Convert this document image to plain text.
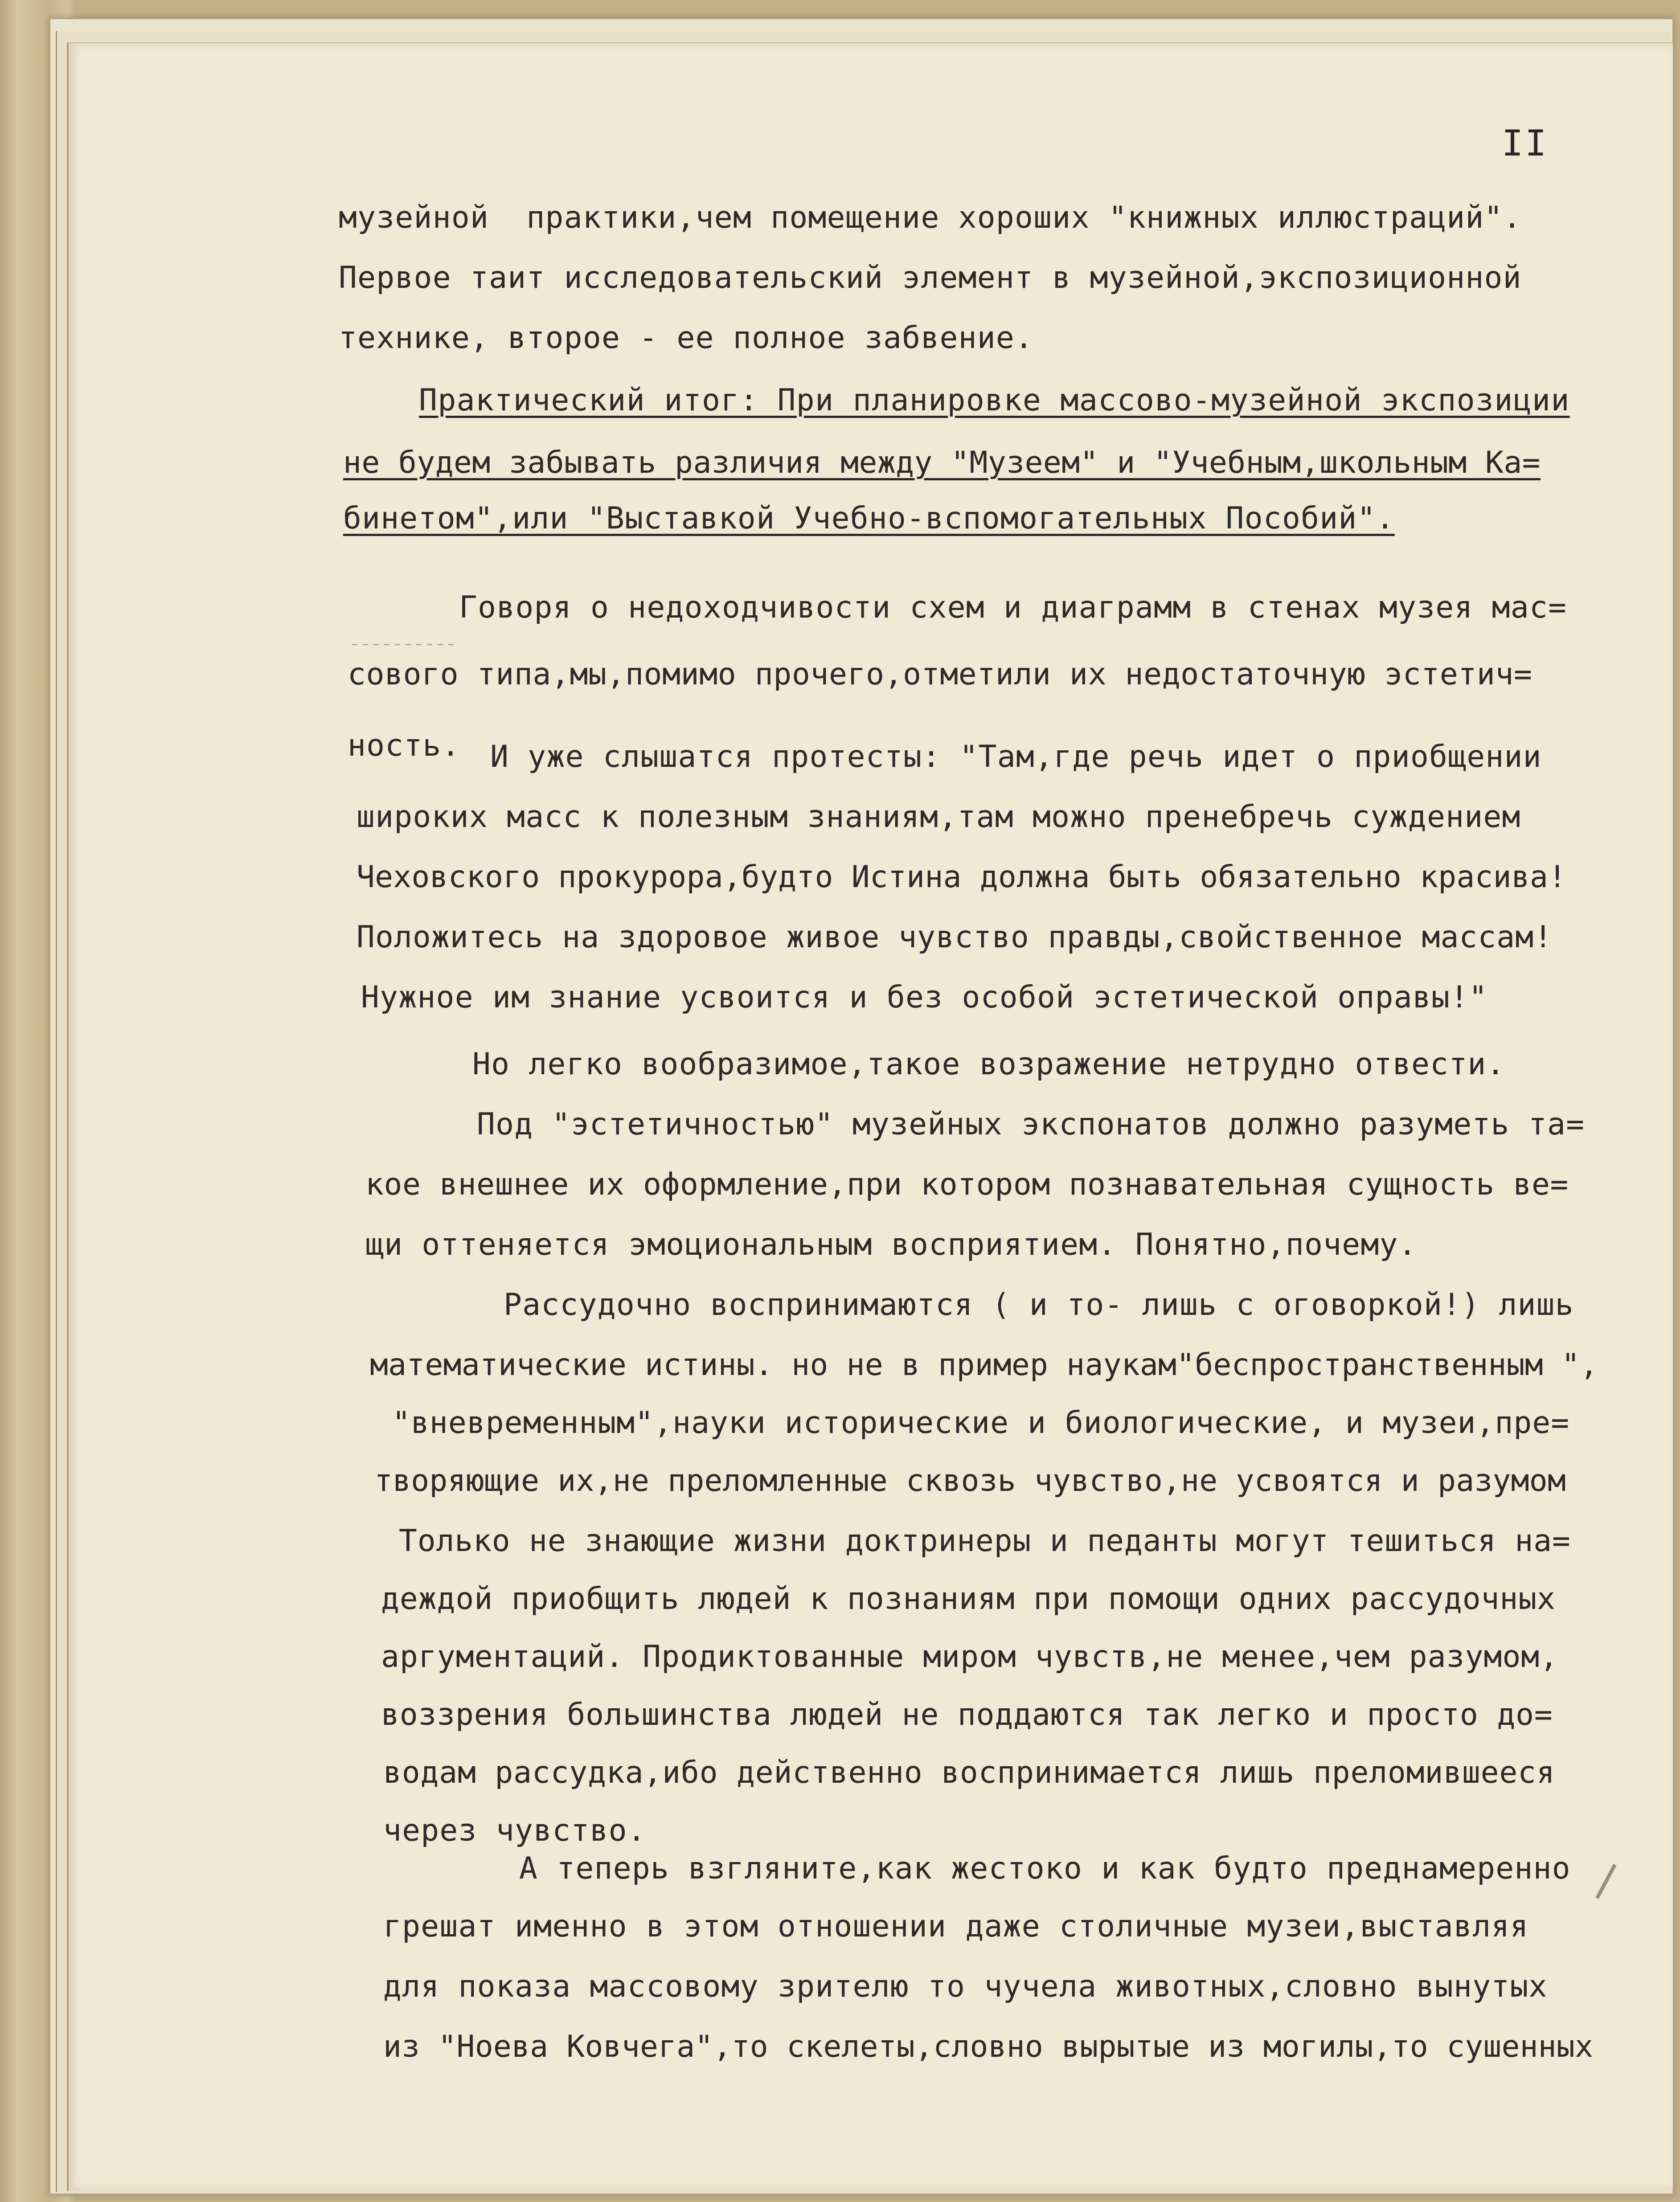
II
музейной  практики,чем помещение хороших "книжных иллюстраций".
Первое таит исследовательский элемент в музейной,экспозиционной
технике, второе - ее полное забвение.
Практический итог: При планировке массово-музейной экспозиции
не будем забывать различия между "Музеем" и "Учебным,школьным Ка=
бинетом",или "Выставкой Учебно-вспомогательных Пособий".
Говоря о недоходчивости схем и диаграмм в стенах музея мас=
сового типа,мы,помимо прочего,отметили их недостаточную эстетич=
ность. И уже слышатся протесты: "Там,где речь идет о приобщении
широких масс к полезным знаниям,там можно пренебречь суждением
Чеховского прокурора,будто Истина должна быть обязательно красива!
Положитесь на здоровое живое чувство правды,свойственное массам!
Нужное им знание усвоится и без особой эстетической оправы!"
Но легко вообразимое,такое возражение нетрудно отвести.
Под "эстетичностью" музейных экспонатов должно разуметь та=
кое внешнее их оформление,при котором познавательная сущность ве=
щи оттеняется эмоциональным восприятием. Понятно,почему.
Рассудочно воспринимаются ( и то- лишь с оговоркой!) лишь
математические истины. но не в пример наукам"беспространственным ",
"вневременным",науки исторические и биологические, и музеи,пре=
творяющие их,не преломленные сквозь чувство,не усвоятся и разумом
Только не знающие жизни доктринеры и педанты могут тешиться на=
деждой приобщить людей к познаниям при помощи одних рассудочных
аргументаций. Продиктованные миром чувств,не менее,чем разумом,
воззрения большинства людей не поддаются так легко и просто до=
водам рассудка,ибо действенно воспринимается лишь преломившееся
через чувство.
А теперь взгляните,как жестоко и как будто преднамеренно
грешат именно в этом отношении даже столичные музеи,выставляя
для показа массовому зрителю то чучела животных,словно вынутых
из "Ноева Ковчега",то скелеты,словно вырытые из могилы,то сушенных
